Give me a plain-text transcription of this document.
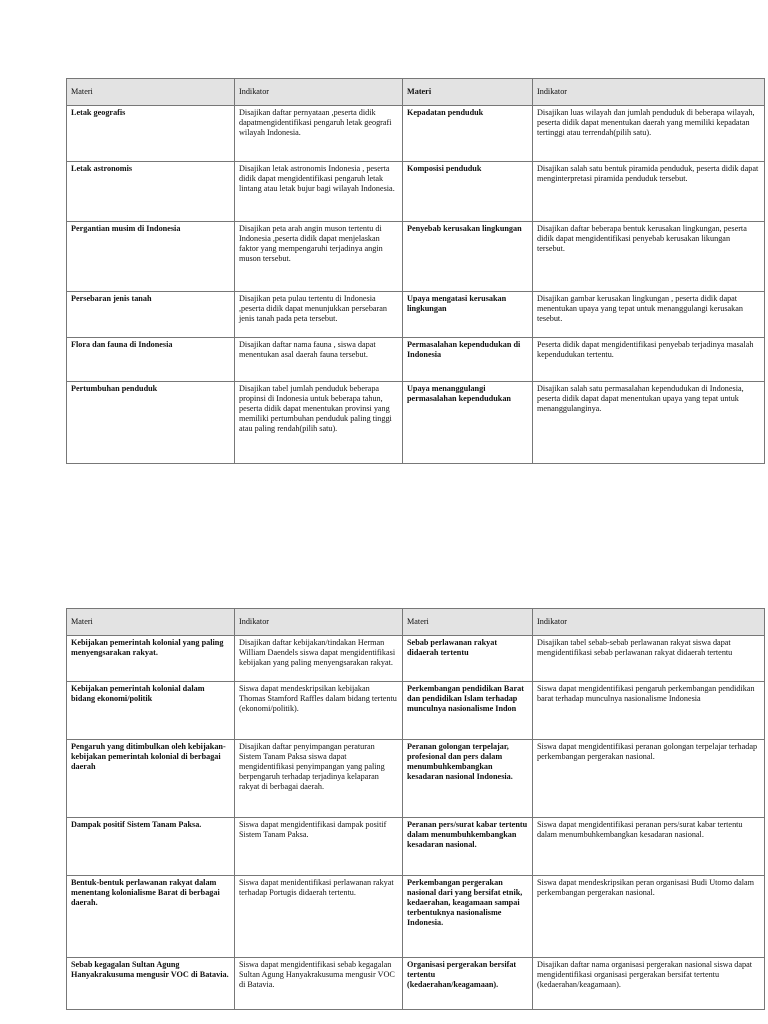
Materi	Indikator	Materi	Indikator
Letak geografis	Disajikan daftar pernyataan ,peserta didik dapatmengidentifikasi pengaruh letak geografi wilayah Indonesia.	Kepadatan penduduk	Disajikan luas wilayah dan jumlah penduduk di beberapa wilayah, peserta didik dapat menentukan daerah yang memiliki kepadatan tertinggi atau terrendah(pilih satu).
Letak astronomis	Disajikan letak astronomis Indonesia , peserta didik dapat mengidentifikasi pengaruh letak lintang atau letak bujur bagi wilayah Indonesia.	Komposisi penduduk	Disajikan salah satu bentuk piramida penduduk, peserta didik dapat menginterpretasi piramida penduduk tersebut.
Pergantian musim di Indonesia	Disajikan peta arah angin muson tertentu di Indonesia ,peserta didik dapat menjelaskan faktor yang mempengaruhi terjadinya angin muson tersebut.	Penyebab kerusakan lingkungan	Disajikan daftar beberapa bentuk kerusakan lingkungan, peserta didik dapat mengidentifikasi penyebab kerusakan likungan tersebut.
Persebaran jenis tanah	Disajikan peta pulau tertentu di Indonesia ,peserta didik dapat menunjukkan persebaran jenis tanah pada peta tersebut.	Upaya mengatasi kerusakan lingkungan	Disajikan gambar kerusakan lingkungan , peserta didik dapat menentukan upaya yang tepat untuk menanggulangi kerusakan tesebut.
Flora dan fauna di Indonesia	Disajikan daftar nama fauna , siswa dapat menentukan asal daerah fauna tersebut.	Permasalahan kependudukan di Indonesia	Peserta didik dapat mengidentifikasi penyebab terjadinya masalah kependudukan tertentu.
Pertumbuhan penduduk	Disajikan tabel jumlah penduduk beberapa propinsi di Indonesia untuk beberapa tahun, peserta didik dapat menentukan provinsi yang memiliki pertumbuhan penduduk paling tinggi atau paling rendah(pilih satu).	Upaya menanggulangi permasalahan kependudukan	Disajikan salah satu permasalahan kependudukan di Indonesia, peserta didik dapat dapat menentukan upaya yang tepat untuk menanggulanginya.
Materi	Indikator	Materi	Indikator
Kebijakan pemerintah kolonial yang paling menyengsarakan rakyat.	Disajikan daftar kebijakan/tindakan Herman William Daendels siswa dapat mengidentifikasi kebijakan yang paling menyengsarakan rakyat.	Sebab perlawanan rakyat didaerah tertentu	Disajikan tabel sebab-sebab perlawanan rakyat siswa dapat mengidentifikasi sebab perlawanan rakyat didaerah tertentu
Kebijakan pemerintah kolonial dalam bidang ekonomi/politik	Siswa dapat mendeskripsikan kebijakan Thomas Stamford Raffles dalam bidang tertentu (ekonomi/politik).	Perkembangan pendidikan Barat dan pendidikan Islam terhadap munculnya nasionalisme Indon	Siswa dapat mengidentifikasi pengaruh perkembangan pendidikan barat terhadap munculnya nasionalisme Indonesia
Pengaruh yang ditimbulkan oleh kebijakan-kebijakan pemerintah kolonial di berbagai daerah	Disajikan daftar penyimpangan peraturan Sistem Tanam Paksa siswa dapat mengidentifikasi penyimpangan yang paling berpengaruh terhadap terjadinya kelaparan rakyat di berbagai daerah.	Peranan golongan terpelajar, profesional dan pers dalam menumbuhkembangkan kesadaran nasional Indonesia.	Siswa dapat mengidentifikasi peranan golongan terpelajar terhadap perkembangan pergerakan nasional.
Dampak positif Sistem Tanam Paksa.	Siswa dapat mengidentifikasi dampak positif Sistem Tanam Paksa.	Peranan pers/surat kabar tertentu dalam menumbuhkembangkan kesadaran nasional.	Siswa dapat mengidentifikasi peranan pers/surat kabar tertentu dalam menumbuhkembangkan kesadaran nasional.
Bentuk-bentuk perlawanan rakyat dalam menentang kolonialisme Barat di berbagai daerah.	Siswa dapat menidentifikasi perlawanan rakyat terhadap Portugis didaerah tertentu.	Perkembangan pergerakan nasional dari yang bersifat etnik, kedaerahan, keagamaan sampai terbentuknya nasionalisme Indonesia.	Siswa dapat mendeskripsikan peran organisasi Budi Utomo dalam perkembangan pergerakan nasional.
Sebab kegagalan Sultan Agung Hanyakrakusuma mengusir VOC di Batavia.	Siswa dapat mengidentifikasi sebab kegagalan Sultan Agung Hanyakrakusuma mengusir VOC di Batavia.	Organisasi pergerakan bersifat tertentu (kedaerahan/keagamaan).	Disajikan daftar nama organisasi pergerakan nasional siswa dapat mengidentifikasi organisasi pergerakan bersifat tertentu (kedaerahan/keagamaan).
